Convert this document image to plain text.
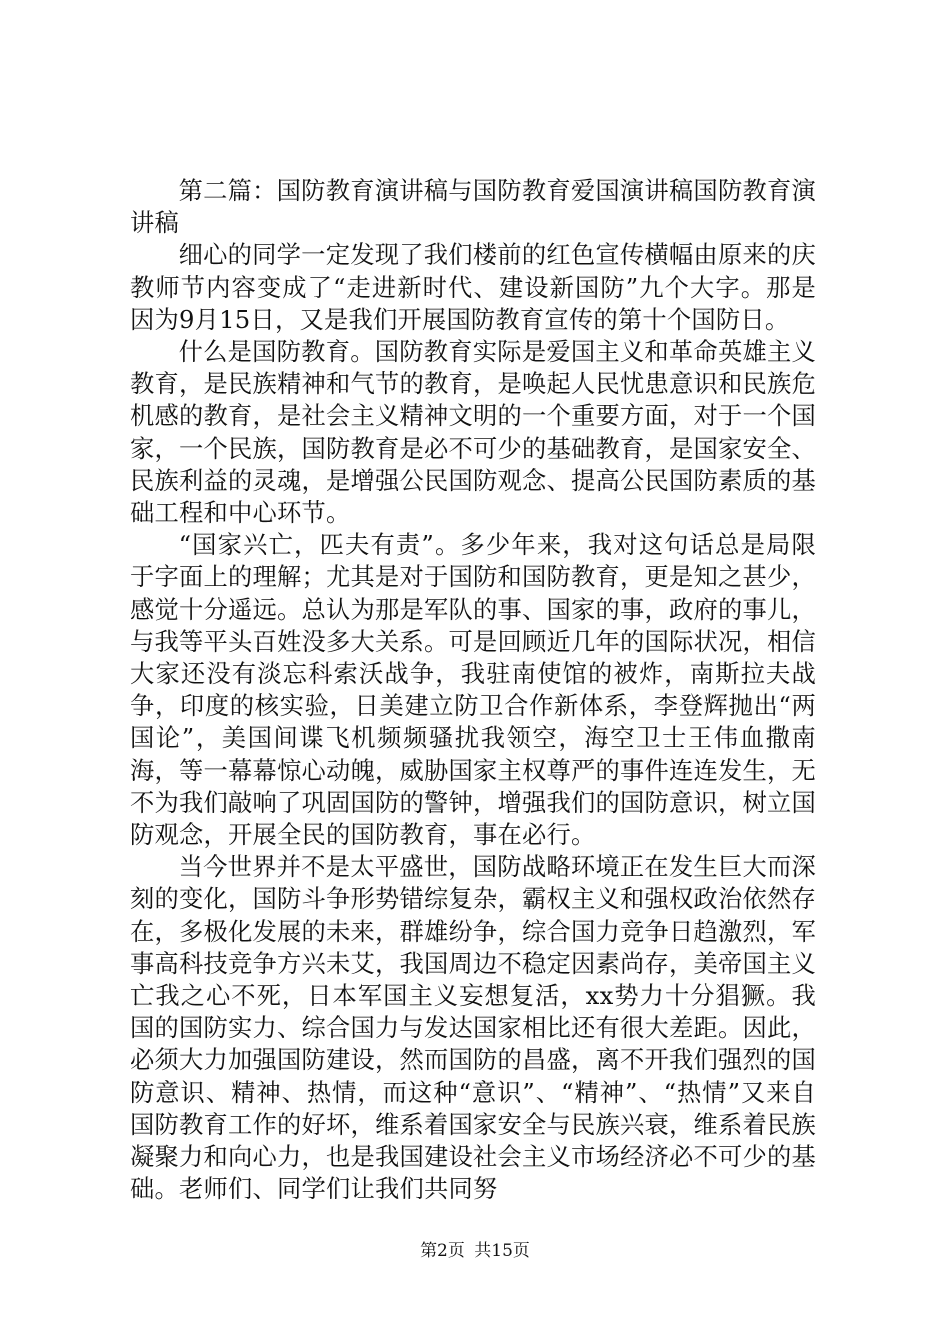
第二篇：国防教育演讲稿与国防教育爱国演讲稿国防教育演讲稿

细心的同学一定发现了我们楼前的红色宣传横幅由原来的庆教师节内容变成了“走进新时代、建设新国防”九个大字。那是因为9月15日，又是我们开展国防教育宣传的第十个国防日。

什么是国防教育。国防教育实际是爱国主义和革命英雄主义教育，是民族精神和气节的教育，是唤起人民忧患意识和民族危机感的教育，是社会主义精神文明的一个重要方面，对于一个国家，一个民族，国防教育是必不可少的基础教育，是国家安全、民族利益的灵魂，是增强公民国防观念、提高公民国防素质的基础工程和中心环节。

“国家兴亡，匹夫有责”。多少年来，我对这句话总是局限于字面上的理解；尤其是对于国防和国防教育，更是知之甚少，感觉十分遥远。总认为那是军队的事、国家的事，政府的事儿，与我等平头百姓没多大关系。可是回顾近几年的国际状况，相信大家还没有淡忘科索沃战争，我驻南使馆的被炸，南斯拉夫战争，印度的核实验，日美建立防卫合作新体系，李登辉抛出“两国论”，美国间谍飞机频频骚扰我领空，海空卫士王伟血撒南海，等一幕幕惊心动魄，威胁国家主权尊严的事件连连发生，无不为我们敲响了巩固国防的警钟，增强我们的国防意识，树立国防观念，开展全民的国防教育，事在必行。

当今世界并不是太平盛世，国防战略环境正在发生巨大而深刻的变化，国防斗争形势错综复杂，霸权主义和强权政治依然存在，多极化发展的未来，群雄纷争，综合国力竞争日趋激烈，军事高科技竞争方兴未艾，我国周边不稳定因素尚存，美帝国主义亡我之心不死，日本军国主义妄想复活，xx势力十分猖獗。我国的国防实力、综合国力与发达国家相比还有很大差距。因此，必须大力加强国防建设，然而国防的昌盛，离不开我们强烈的国防意识、精神、热情，而这种“意识”、“精神”、“热情”又来自国防教育工作的好坏，维系着国家安全与民族兴衰，维系着民族凝聚力和向心力，也是我国建设社会主义市场经济必不可少的基础。老师们、同学们让我们共同努

第2页 共15页
